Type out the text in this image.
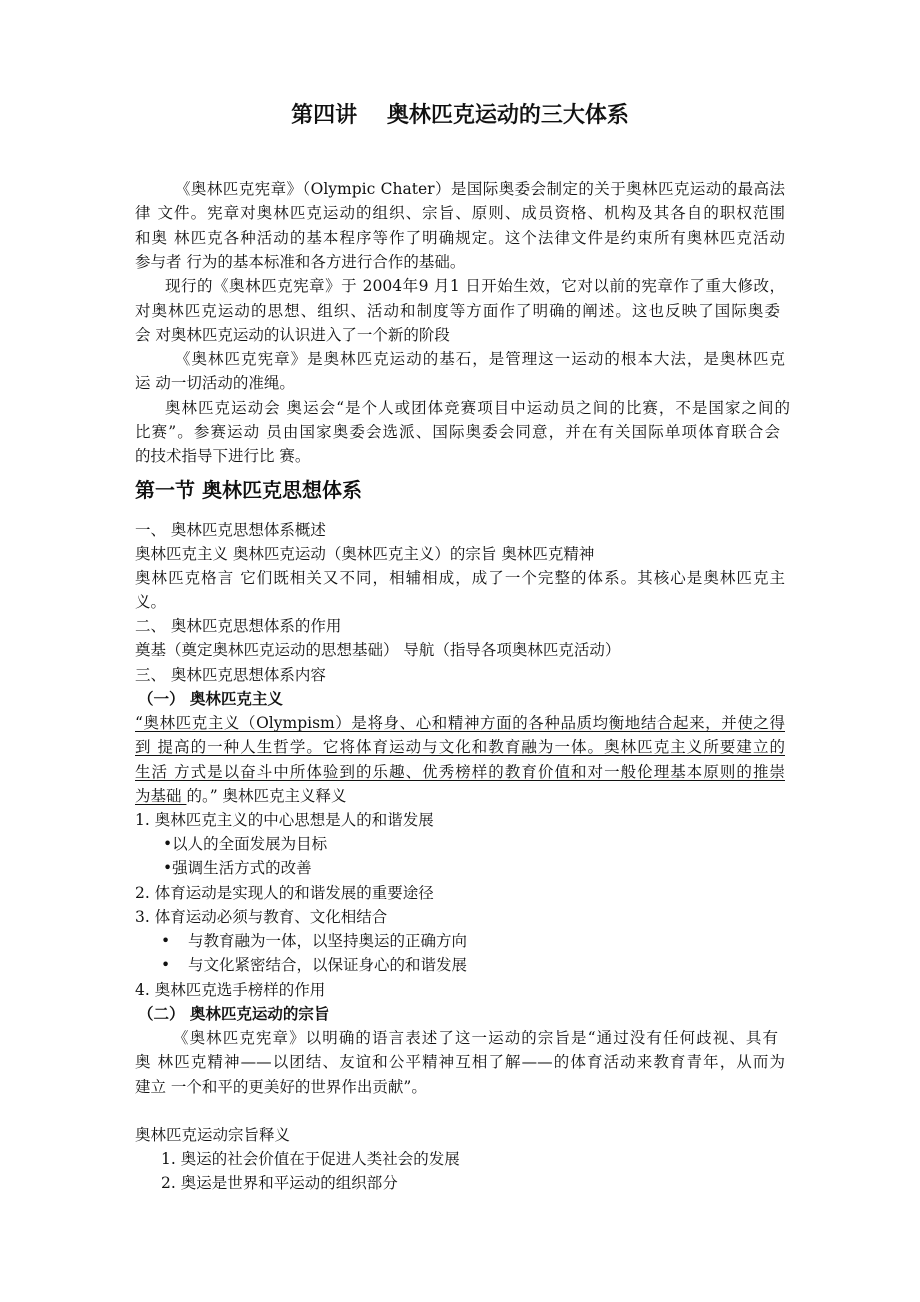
第四讲　 奥林匹克运动的三大体系
《奥林匹克宪章》（Olympic Chater）是国际奥委会制定的关于奥林匹克运动的最高法
律 文件。宪章对奥林匹克运动的组织、宗旨、原则、成员资格、机构及其各自的职权范围
和奥 林匹克各种活动的基本程序等作了明确规定。这个法律文件是约束所有奥林匹克活动
参与者 行为的基本标准和各方进行合作的基础。
现行的《奥林匹克宪章》于 2004年9 月1 日开始生效，它对以前的宪章作了重大修改，
对奥林匹克运动的思想、组织、活动和制度等方面作了明确的阐述。这也反映了国际奥委
会 对奥林匹克运动的认识进入了一个新的阶段
《奥林匹克宪章》是奥林匹克运动的基石，是管理这一运动的根本大法，是奥林匹克
运 动一切活动的准绳。
奥林匹克运动会 奥运会“是个人或团体竞赛项目中运动员之间的比赛，不是国家之间的
比赛”。参赛运动 员由国家奥委会选派、国际奥委会同意，并在有关国际单项体育联合会
的技术指导下进行比 赛。
第一节 奥林匹克思想体系
一、 奥林匹克思想体系概述
奥林匹克主义 奥林匹克运动（奥林匹克主义）的宗旨 奥林匹克精神
奥林匹克格言 它们既相关又不同，相辅相成，成了一个完整的体系。其核心是奥林匹克主
义。
二、 奥林匹克思想体系的作用
奠基（奠定奥林匹克运动的思想基础） 导航（指导各项奥林匹克活动）
三、 奥林匹克思想体系内容
（一） 奥林匹克主义
“奥林匹克主义（Olympism）是将身、心和精神方面的各种品质均衡地结合起来，并使之得
到 提高的一种人生哲学。它将体育运动与文化和教育融为一体。奥林匹克主义所要建立的
生活 方式是以奋斗中所体验到的乐趣、优秀榜样的教育价值和对一般伦理基本原则的推崇
为基础 的。” 奥林匹克主义释义
1. 奥林匹克主义的中心思想是人的和谐发展
•以人的全面发展为目标
•强调生活方式的改善
2. 体育运动是实现人的和谐发展的重要途径
3. 体育运动必须与教育、文化相结合
• 与教育融为一体，以坚持奥运的正确方向
• 与文化紧密结合，以保证身心的和谐发展
4. 奥林匹克选手榜样的作用
（二） 奥林匹克运动的宗旨
《奥林匹克宪章》以明确的语言表述了这一运动的宗旨是“通过没有任何歧视、具有
奥 林匹克精神——以团结、友谊和公平精神互相了解——的体育活动来教育青年，从而为
建立 一个和平的更美好的世界作出贡献”。
奥林匹克运动宗旨释义
1. 奥运的社会价值在于促进人类社会的发展
2. 奥运是世界和平运动的组织部分
